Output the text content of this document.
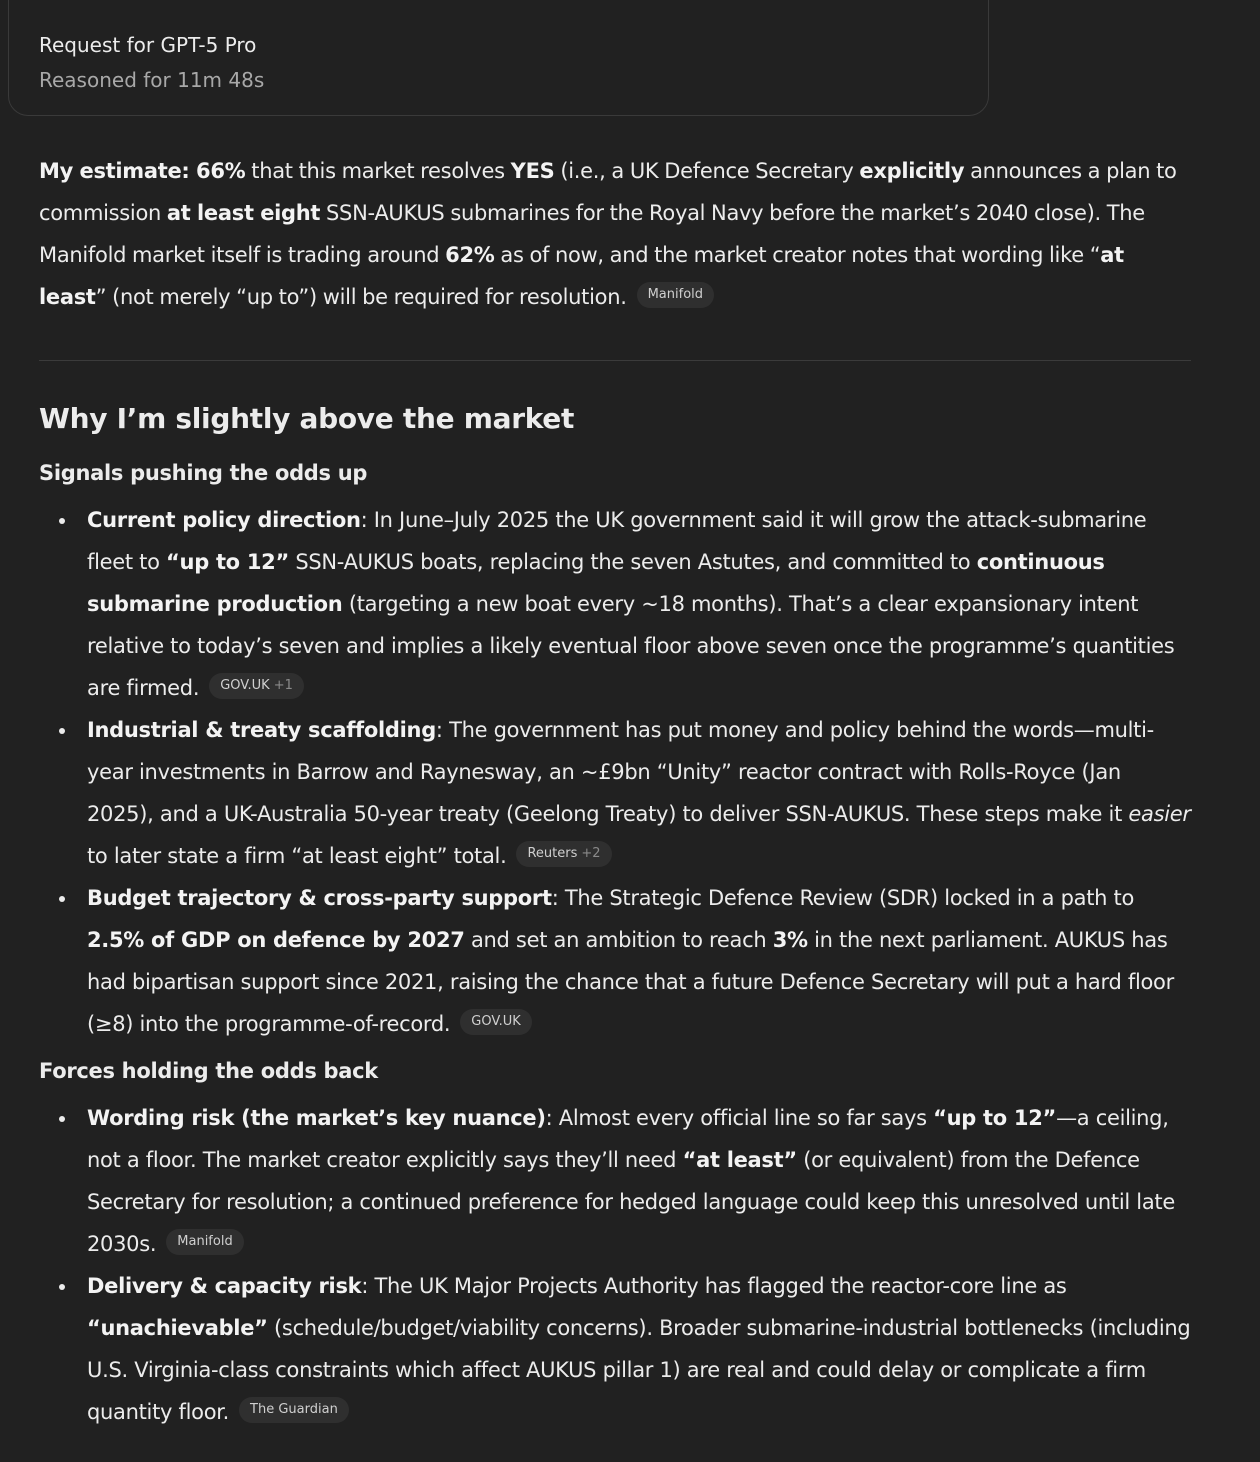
Request for GPT-5 Pro
Reasoned for 11m 48s

My estimate: 66% that this market resolves YES (i.e., a UK Defence Secretary explicitly announces a plan to commission at least eight SSN-AUKUS submarines for the Royal Navy before the market’s 2040 close). The Manifold market itself is trading around 62% as of now, and the market creator notes that wording like “at least” (not merely “up to”) will be required for resolution. Manifold

Why I’m slightly above the market
Signals pushing the odds up
Current policy direction: In June–July 2025 the UK government said it will grow the attack-submarine fleet to “up to 12” SSN-AUKUS boats, replacing the seven Astutes, and committed to continuous submarine production (targeting a new boat every ~18 months). That’s a clear expansionary intent relative to today’s seven and implies a likely eventual floor above seven once the programme’s quantities are firmed. GOV.UK +1
Industrial & treaty scaffolding: The government has put money and policy behind the words—multi-year investments in Barrow and Raynesway, an ~£9bn “Unity” reactor contract with Rolls-Royce (Jan 2025), and a UK-Australia 50-year treaty (Geelong Treaty) to deliver SSN-AUKUS. These steps make it easier to later state a firm “at least eight” total. Reuters +2
Budget trajectory & cross-party support: The Strategic Defence Review (SDR) locked in a path to 2.5% of GDP on defence by 2027 and set an ambition to reach 3% in the next parliament. AUKUS has had bipartisan support since 2021, raising the chance that a future Defence Secretary will put a hard floor (≥8) into the programme-of-record. GOV.UK
Forces holding the odds back
Wording risk (the market’s key nuance): Almost every official line so far says “up to 12”—a ceiling, not a floor. The market creator explicitly says they’ll need “at least” (or equivalent) from the Defence Secretary for resolution; a continued preference for hedged language could keep this unresolved until late 2030s. Manifold
Delivery & capacity risk: The UK Major Projects Authority has flagged the reactor-core line as “unachievable” (schedule/budget/viability concerns). Broader submarine-industrial bottlenecks (including U.S. Virginia-class constraints which affect AUKUS pillar 1) are real and could delay or complicate a firm quantity floor. The Guardian
